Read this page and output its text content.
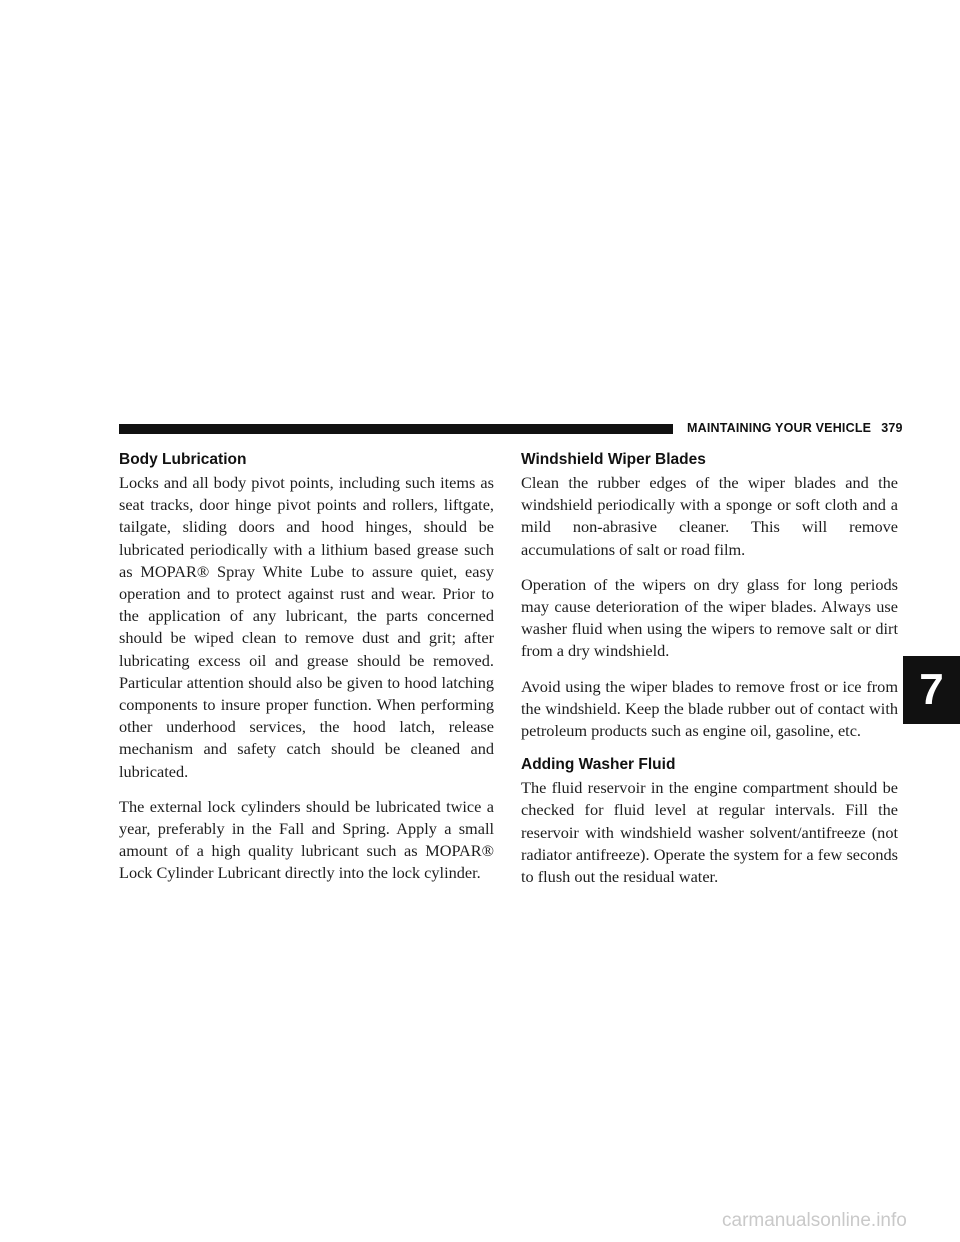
MAINTAINING YOUR VEHICLE 379
Body Lubrication

Locks and all body pivot points, including such items as seat tracks, door hinge pivot points and rollers, liftgate, tailgate, sliding doors and hood hinges, should be lubricated periodically with a lithium based grease such as MOPAR® Spray White Lube to assure quiet, easy operation and to protect against rust and wear. Prior to the application of any lubricant, the parts concerned should be wiped clean to remove dust and grit; after lubricating excess oil and grease should be removed. Particular attention should also be given to hood latching components to insure proper function. When performing other underhood services, the hood latch, release mechanism and safety catch should be cleaned and lubricated.

The external lock cylinders should be lubricated twice a year, preferably in the Fall and Spring. Apply a small amount of a high quality lubricant such as MOPAR® Lock Cylinder Lubricant directly into the lock cylinder.

Windshield Wiper Blades

Clean the rubber edges of the wiper blades and the windshield periodically with a sponge or soft cloth and a mild non-abrasive cleaner. This will remove accumulations of salt or road film.

Operation of the wipers on dry glass for long periods may cause deterioration of the wiper blades. Always use washer fluid when using the wipers to remove salt or dirt from a dry windshield.

Avoid using the wiper blades to remove frost or ice from the windshield. Keep the blade rubber out of contact with petroleum products such as engine oil, gasoline, etc.

Adding Washer Fluid

The fluid reservoir in the engine compartment should be checked for fluid level at regular intervals. Fill the reservoir with windshield washer solvent/antifreeze (not radiator antifreeze). Operate the system for a few seconds to flush out the residual water.

7
carmanualsonline.info
